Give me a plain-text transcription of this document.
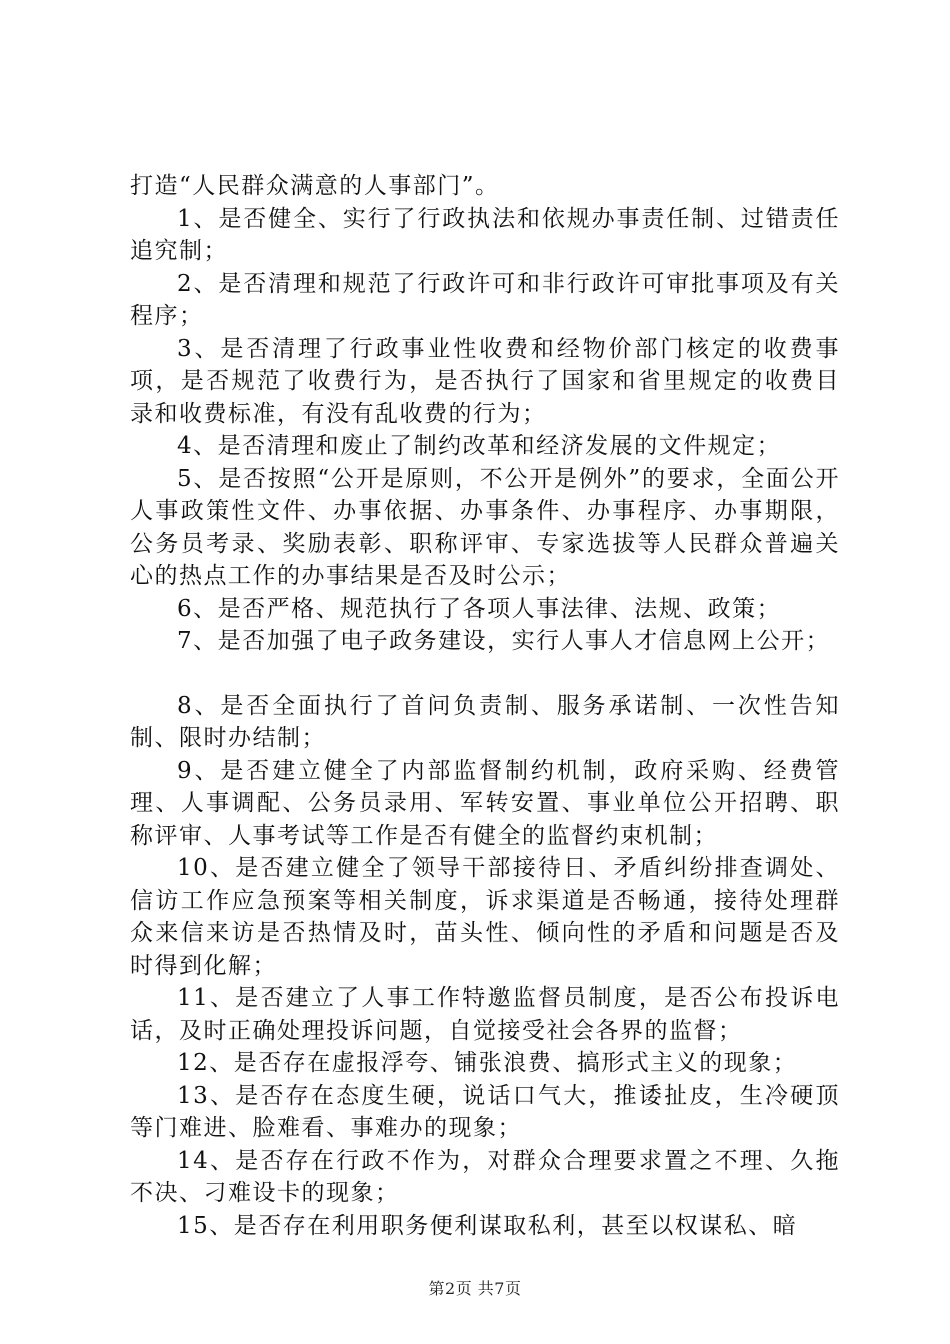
打造“人民群众满意的人事部门”。

1、是否健全、实行了行政执法和依规办事责任制、过错责任追究制；

2、是否清理和规范了行政许可和非行政许可审批事项及有关程序；

3、是否清理了行政事业性收费和经物价部门核定的收费事项，是否规范了收费行为，是否执行了国家和省里规定的收费目录和收费标准，有没有乱收费的行为；

4、是否清理和废止了制约改革和经济发展的文件规定；

5、是否按照“公开是原则，不公开是例外”的要求，全面公开人事政策性文件、办事依据、办事条件、办事程序、办事期限，公务员考录、奖励表彰、职称评审、专家选拔等人民群众普遍关心的热点工作的办事结果是否及时公示；

6、是否严格、规范执行了各项人事法律、法规、政策；

7、是否加强了电子政务建设，实行人事人才信息网上公开；

8、是否全面执行了首问负责制、服务承诺制、一次性告知制、限时办结制；

9、是否建立健全了内部监督制约机制，政府采购、经费管理、人事调配、公务员录用、军转安置、事业单位公开招聘、职称评审、人事考试等工作是否有健全的监督约束机制；

10、是否建立健全了领导干部接待日、矛盾纠纷排查调处、信访工作应急预案等相关制度，诉求渠道是否畅通，接待处理群众来信来访是否热情及时，苗头性、倾向性的矛盾和问题是否及时得到化解；

11、是否建立了人事工作特邀监督员制度，是否公布投诉电话，及时正确处理投诉问题，自觉接受社会各界的监督；

12、是否存在虚报浮夸、铺张浪费、搞形式主义的现象；

13、是否存在态度生硬，说话口气大，推诿扯皮，生冷硬顶等门难进、脸难看、事难办的现象；

14、是否存在行政不作为，对群众合理要求置之不理、久拖不决、刁难设卡的现象；

15、是否存在利用职务便利谋取私利，甚至以权谋私、暗

第2页 共7页
